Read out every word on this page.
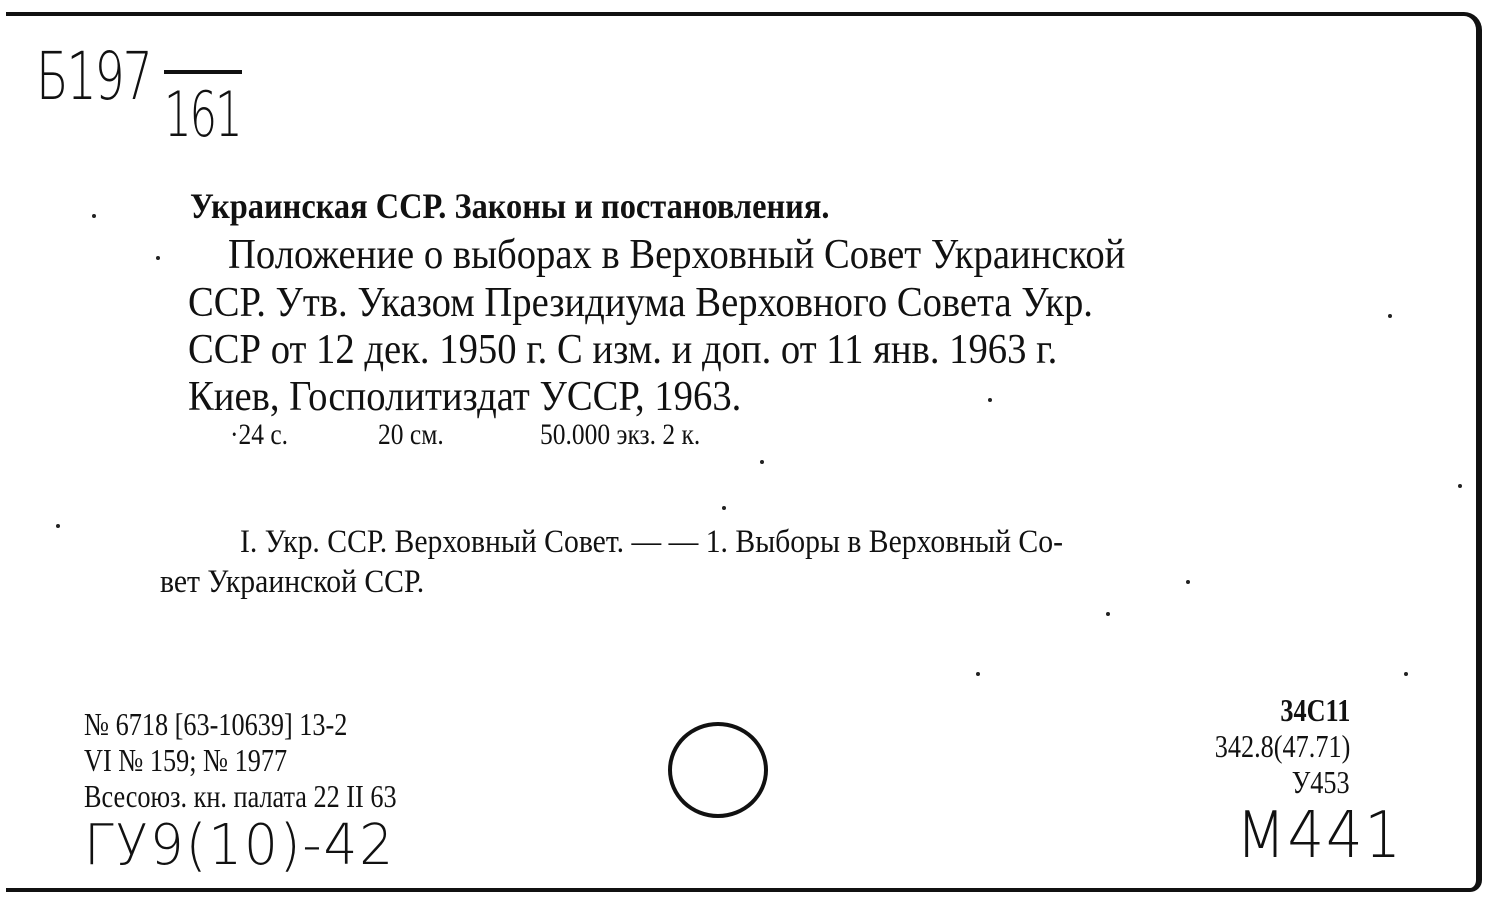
Б197 161
Украинская ССР. Законы и постановления.
Положение о выборах в Верховный Совет Украинской
ССР. Утв. Указом Президиума Верховного Совета Укр.
ССР от 12 дек. 1950 г. С изм. и доп. от 11 янв. 1963 г.
Киев, Госполитиздат УССР, 1963.
·24 с.	20 см.	50.000 экз. 2 к.
I. Укр. ССР. Верховный Совет. — — 1. Выборы в Верховный Со-
вет Украинской ССР.
№ 6718 [63-10639] 13-2
VI № 159; № 1977
Всесоюз. кн. палата 22 II 63
34С11
342.8(47.71)
У453
ГУ9(10)-42	М441
